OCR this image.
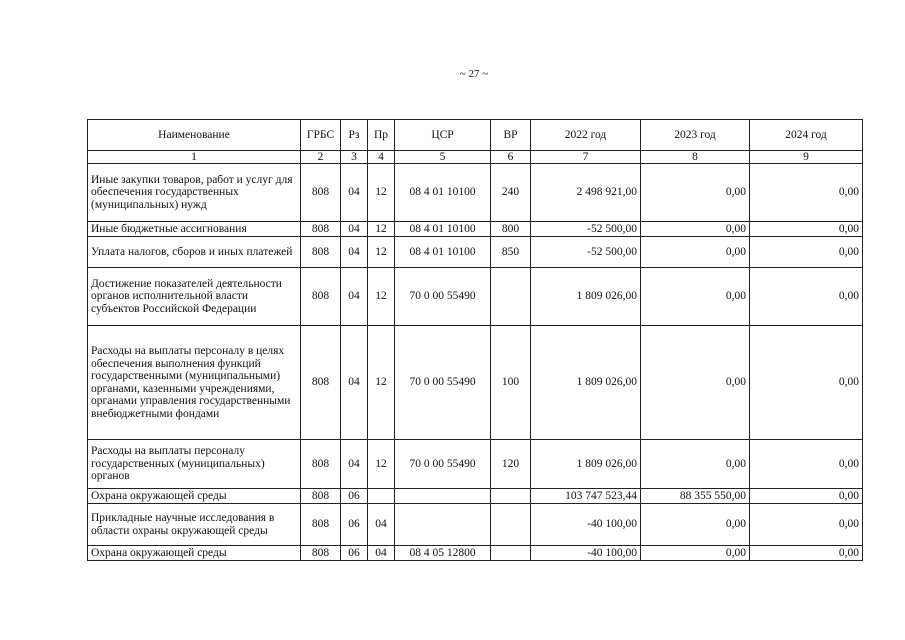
~ 27 ~
Наименование	ГРБС	Рз	Пр	ЦСР	ВР	2022 год	2023 год	2024 год
1	2	3	4	5	6	7	8	9
Иные закупки товаров, работ и услуг для обеспечения государственных (муниципальных) нужд	808	04	12	08 4 01 10100	240	2 498 921,00	0,00	0,00
Иные бюджетные ассигнования	808	04	12	08 4 01 10100	800	-52 500,00	0,00	0,00
Уплата налогов, сборов и иных платежей	808	04	12	08 4 01 10100	850	-52 500,00	0,00	0,00
Достижение показателей деятельности органов исполнительной власти субъектов Российской Федерации	808	04	12	70 0 00 55490		1 809 026,00	0,00	0,00
Расходы на выплаты персоналу в целях обеспечения выполнения функций государственными (муниципальными) органами, казенными учреждениями, органами управления государственными внебюджетными фондами	808	04	12	70 0 00 55490	100	1 809 026,00	0,00	0,00
Расходы на выплаты персоналу государственных (муниципальных) органов	808	04	12	70 0 00 55490	120	1 809 026,00	0,00	0,00
Охрана окружающей среды	808	06				103 747 523,44	88 355 550,00	0,00
Прикладные научные исследования в области охраны окружающей среды	808	06	04			-40 100,00	0,00	0,00
Охрана окружающей среды	808	06	04	08 4 05 12800		-40 100,00	0,00	0,00
